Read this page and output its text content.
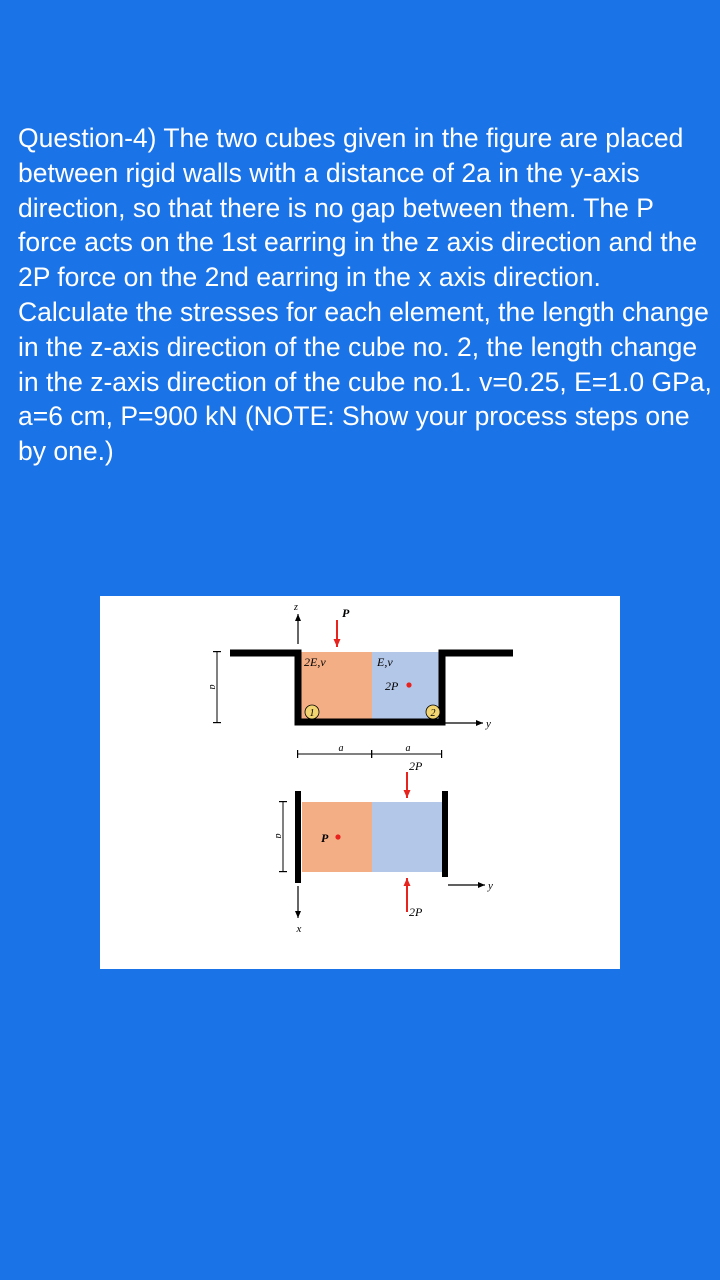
Question-4) The two cubes given in the figure are placed between rigid walls with a distance of 2a in the y-axis direction, so that there is no gap between them. The P force acts on the 1st earring in the z axis direction and the 2P force on the 2nd earring in the x axis direction. Calculate the stresses for each element, the length change in the z-axis direction of the cube no. 2, the length change in the z-axis direction of the cube no.1. v=0.25, E=1.0 GPa, a=6 cm, P=900 kN (NOTE: Show your process steps one by one.)

z	P
2E,v	E,v
2P
1	2
y
a
a	a
2P
2P
P
x
y
a
